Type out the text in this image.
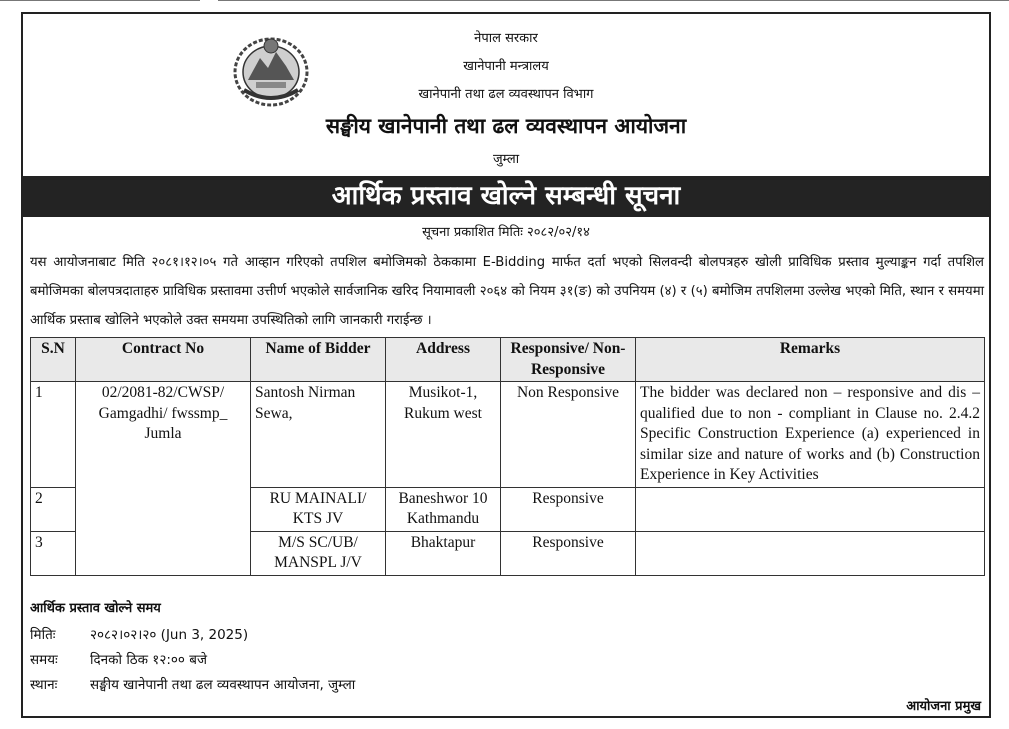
नेपाल सरकार
खानेपानी मन्त्रालय
खानेपानी तथा ढल व्यवस्थापन विभाग
सङ्घीय खानेपानी तथा ढल व्यवस्थापन आयोजना
जुम्ला
आर्थिक प्रस्ताव खोल्ने सम्बन्धी सूचना
सूचना प्रकाशित मितिः २०८२/०२/१४
यस आयोजनाबाट मिति २०८१।१२।०५ गते आव्हान गरिएको तपशिल बमोजिमको ठेककामा E-Bidding मार्फत दर्ता भएको सिलवन्दी बोलपत्रहरु खोली प्राविधिक प्रस्ताव मुल्याङ्कन गर्दा तपशिल बमोजिमका बोलपत्रदाताहरु प्राविधिक प्रस्तावमा उत्तीर्ण भएकोले सार्वजानिक खरिद नियामावली २०६४ को नियम ३१(ङ) को उपनियम (४) र (५) बमोजिम तपशिलमा उल्लेख भएको मिति, स्थान र समयमा आर्थिक प्रस्ताब खोलिने भएकोले उक्त समयमा उपस्थितिको लागि जानकारी गराईन्छ ।
S.N	Contract No	Name of Bidder	Address	Responsive/ Non-Responsive	Remarks
1	02/2081-82/CWSP/ Gamgadhi/ fwssmp_ Jumla	Santosh Nirman Sewa,	Musikot-1, Rukum west	Non Responsive	The bidder was declared non – responsive and dis – qualified due to non - compliant in Clause no. 2.4.2 Specific Construction Experience (a) experienced in similar size and nature of works and (b) Construction Experience in Key Activities
2		RU MAINALI/ KTS JV	Baneshwor 10 Kathmandu	Responsive	
3		M/S SC/UB/ MANSPL J/V	Bhaktapur	Responsive	
आर्थिक प्रस्ताव खोल्ने समय
मितिः	२०८२।०२।२० (Jun 3, 2025)
समयः दिनको ठिक १२:०० बजे
स्थानः सङ्घीय खानेपानी तथा ढल व्यवस्थापन आयोजना, जुम्ला
आयोजना प्रमुख
